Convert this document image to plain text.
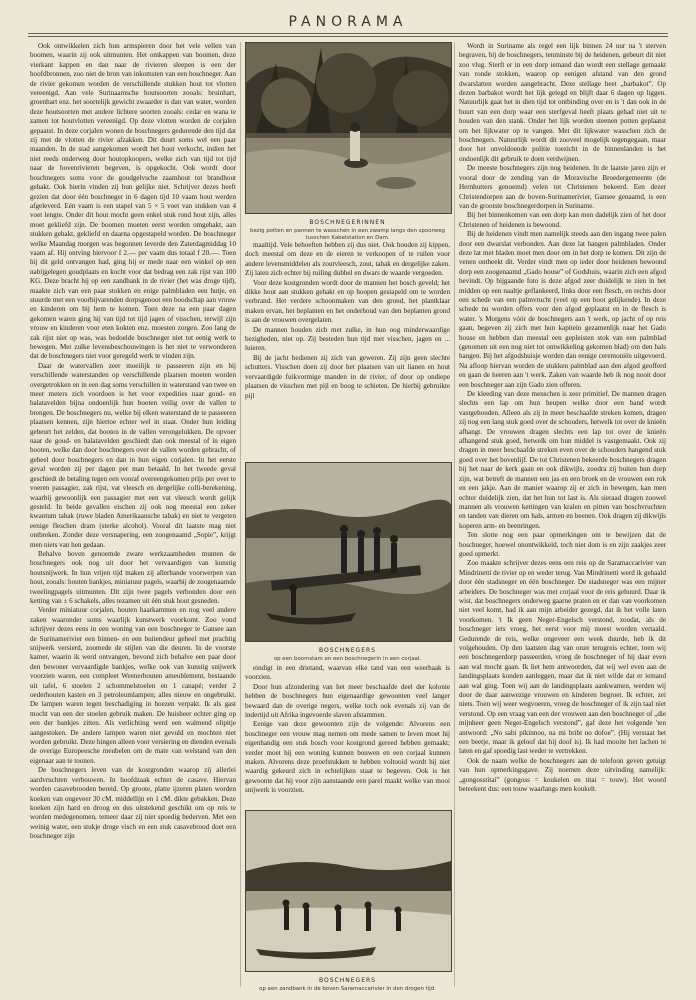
PANORAMA

Ook ontwikkelen zich hun armspieren door het vele vellen van boomen, waarin zij ook uitmunten. Het omkappen van boomen, deze vierkant kappen en dan naar de rivieren sleepen is een der hoofdbronnen, zoo niet de bron van inkomsten van een boschneger. Aan de rivier gekomen worden de verschillende stukken hout tot vlotten vereenigd. Aan vele Surinaamsche houtsoorten zooals: bruinhart, groenhart enz. het soortelijk gewicht zwaarder is dan van water, worden deze houtsoorten met andere lichtere soorten zooals: cedar en wana te zamen tot houtvlotten vereenigd. Op deze vlotten worden de corjalen gepaatst. In deze corjalen wonen de boschnegers gedurende den tijd dat zij met de vlotten de rivier afzakken. Dit duurt soms wel een paar maanden. In de stad aangekomen wordt het hout verkocht, indien het niet reeds onderweg door houtopkoopers, welke zich van tijd tot tijd naar de bovenrivieren begeven, is opgekocht. Ook wordt door boschnegers soms voor de goudgelvsche zaamhout tot brandhout gehakt. Ook hierin vinden zij hun gelijke niet. Schrijver dezes heeft gezien dat door één boschneger in 6 dagen tijd 10 vaam hout werden afgeleverd. Eén vaam is een stapel van 5 × 5 voet van stukken van 4 voet lengte. Onder dit hout mocht geen enkel stuk rond hout zijn, alles moet gekliefd zijn. De boomen moeten eerst worden omgehakt, aan stukken gehakt, gekliefd en daarna opgestapeld worden. De boschneger welke Maandag morgen was begonnen leverde den Zaterdagmiddag 10 vaam af. Hij ontving hiervoor f 2.— per vaam dus totaal f 20.—. Toen hij dit geld ontvangen had, ging hij er mede naar een winkel op een nabijgelegen goudplaats en kocht voor dat bedrag een zak rijst van 100 KG. Deze bracht hij op een zandbank in de rivier (het was droge tijd), maakte zich van een paar stokken en enige palmbladen een hutje, en stuurde met een voorbijvarenden dorpsgenoot een boodschap aan vrouw en kinderen om bij hem te komen. Toen deze na een paar dagen gekomen waren ging hij van tijd tot tijd jagen of visschen, terwijl zijn vrouw en kinderen voor eten kokten enz. moesten zorgen. Zoo lang de zak rijst niet op was, was bedoelde boschneger niet tot eenig werk te bewegen. Met zulke levensbeschouwingen is het niet te verwonderen dat de boschnegers niet voor geregeld werk te vinden zijn.

Daar de watervallen zeer moeilijk te passeeren zijn en bij verschillende waterstanden op verschillende plaatsen moeten worden overgetrokken en in een dag soms verschillen in waterstand van twee en meer meters zich voordoen is het voor expedities naar goud- en balatavelden bijna ondoenlijk hun booten veilig over de vallen te brengen. De boschnegers nu, welke bij elken waterstand de te passeeren plaatsen kennen, zijn hiertoe echter wel in staat. Onder hun leiding gebeurt het zelden, dat booten in de vallen verongelukken. De opvoer naar de goud- en balatavelden geschiedt dan ook meestal of in eigen booten, welke dan door boschnegers over de vallen worden gebracht, of geheel door boschnegers en dan in hun eigen corjalen. In het eerste geval worden zij per dagen per man betaald. In het tweede geval geschiedt de betaling tegen een vooraf overeengekomen prijs per over te voeren passagier, zak rijst, vat vleesch en dergelijke colli-berekening, waarbij gewoonlijk een passagier met een vat vleesch wordt gelijk gesteld. In beide gevallen eischen zij ook nog meestal een zeker kwantum tabak (ruwe bladen Amerikaansche tabak) en niet te vergeten eenige fleschen dram (sterke alcohol). Vooral dit laatste mag niet ontbreken. Zonder deze versnapering, een zoogenaamd „Sopie”, krijgt men niets van hen gedaan.

Behalve boven genoemde zware werkzaamheden munten de boschnegers ook nog uit door het vervaardigen van kunstig houtsnijwerk. In hun vrijen tijd maken zij allerhande voorwerpen van hout, zooals: houten bankjes, miniatuur pagels, waarbij de zoogenaamde tweelingpagels uitmunten. Dit zijn twee pagels verbonden door een ketting van ± 6 schakels, alles tezamen uit één stuk hout gesneden.

Verder miniatuur corjalen, houten haarkammen en nog veel andere zaken waaronder soms waarlijk kunstwerk voorkomt. Zoo vond schrijver dezes eens in een woning van een boschneger te Gansee aan de Surinamerivier een binnen- en een buitendeur geheel met prachtig snijwerk versierd, zoomede de stijlen van die deuren. In de voorste kamer, waarin ik werd ontvangen, bevond zich behalve een paar door den bewoner vervaardigde bankjes, welke ook van kunstig snijwerk voorzien waren, een compleet Weenerhouten ameublement, bestaande uit tafel, 6 stoelen 2 schommelstoelen en 1 canapé; verder 2 oederhouten kasten en 3 petroleumlampen; alles nieuw en ongebruikt. De lampen waren tegen beschadiging in hoezen verpakt. Ik als gast mocht van een der stoelen gebruik maken. De huisheer echter ging op een der bankjes zitten. Als verlichting werd een walmend olipitje aangestoken. De andere lampen waren niet gevuld en mochten niet worden gebruikt. Deze hingen alleen voor versiering en dienden evenals de overige Europeesche meubelen om de mate van welstand van den eigenaar aan te toonen.

De boschnegers leven van de kostgronden waarop zij allerlei aardvruchten verbouwen. In hoofdzaak echter de casave. Hiervan worden casavebrooden bereid. Op groote, platte ijzeren platen worden koeken van ongeveer 30 cM. middellijn en 1 cM. dikte gebakken. Deze koeken zijn hard en droog en dus uitstekend geschikt om op reis te worden medegenomen, temeer daar zij niet spoedig bederven. Met een weinig water, een stukje droge visch en een stuk casavebrood doet een boschneger zijn

BOSCHNEGERINNEN
bezig potten en pannen te wasschen in een zwamp langs den spoorweg tusschen Kabelstation en Dam.

maaltijd. Vele behoeften hebben zij dus niet. Ook houden zij kippen, doch meestal om deze en de eieren te verkoopen of te ruilen voor andere levensmiddelen als zoutvleesch, zout, tabak en dergelijke zaken. Zij laten zich echter bij ruiling dubbel en dwars de waarde vergoeden.

Voor deze kostgronden wordt door de mannen het bosch geveld; het dikke hout aan stukken gehakt en op hoopen gestapeld om te worden verbrand. Het verdere schoonmaken van den grond, het plantklaar maken ervan, het beplanten en het onderhoud van den beplanten grond is aan de vrouwen overgelaten.

De mannen houden zich met zulke, in hun oog minderwaardige bezigheden, niet op. Zij besteden hun tijd met visschen, jagen en ... luieren.

Bij de jacht bedienen zij zich van geweren. Zij zijn geen slechte schutters. Visschen doen zij door het plaatsen van uit lianen en hout vervaardigde fuikvormige manden in de rivier, of door op ondiepe plaatsen de visschen met pijl en boog te schieten. De hierbij gebruikte pijl

BOSCHNEGERS
op een boomstam en een boschnegerin in een corjaal.

eindigt in een drietand, waarvan elke tand van een weerhaak is voorzien.

Door hun afzondering van het meer beschaafde deel der kolonie hebben de boschnegers hun eigenaardige gewoonten veel langer bewaard dan de overige negers, welke toch ook evenals zij van de indertijd uit Afrika ingevoerde slaven afstammen.

Eenige van deze gewoonten zijn de volgende: Alvorens een boschneger een vrouw mag nemen om mede samen te leven moet hij eigenhandig een stuk bosch voor kostgrond gereed hebben gemaakt; verder moet hij een woning kunnen bouwen en een corjaal kunnen maken. Alvorens deze proefstukken te hebben voltooid wordt hij niet waardig gekeurd zich in echtelijken staat te begeven. Ook is het gewoonte dat hij voor zijn aanstaande een parel maakt welke van mooi snijwerk is voorzien.

BOSCHNEGERS
op een zandbank in de boven Saramaccarivier in den drogen tijd.

Wordt in Suriname als regel een lijk binnen 24 uur na 't sterven begraven, bij de boschnegers, tenminste bij de heidenen, gebeurt dit niet zoo vlug. Sterft er in een dorp iemand dan wordt een stellage gemaakt van ronde stokken, waarop op eenigen afstand van den grond dwarslatten worden aangebracht. Deze stellage heet „barbakot”. Op dezen barbakot wordt het lijk gelegd en blijft daar 6 dagen op liggen. Natuurlijk gaat het in dien tijd tot ontbinding over en is 't dan ook in de buurt van een dorp waar een sterfgeval heeft plaats gehad niet uit te houden van den stank. Onder het lijk worden steenen potten geplaatst om het lijkwater op te vangen. Met dit lijkwater wasschen zich de boschnegers. Natuurlijk wordt dit zooveel mogelijk tegengegaan, maar door het onvoldoende politie toezicht in de binnenlanden is het ondoenlijk dit gebruik te doen verdwijnen.

De meeste boschnegers zijn nog heidenen. In de laatste jaren zijn er vooral door de zending van de Moravische Broedergemeente (de Hernhutters genoemd) velen tot Christenen bekeerd. Een dezer Christendorpen aan de boven-Surinamerivier, Gansee genaamd, is een van de grootste boschnegerdorpen in Suriname.

Bij het binnenkomen van een dorp kan men dadelijk zien of het door Christenen of heidenen is bewoond.

Bij de heidenen vindt men namelijk steeds aan den ingang twee palen door een dwarslat verbonden. Aan deze lat hangen palmbladen. Onder deze lat met bladen moet men door om in het dorp te komen. Dit zijn de venen ontheekt dit. Verder vindt men op ieder door heidenen bewoond dorp een zoogenaamd „Gado house” of Godshuis, waarin zich een afgod bevindt. Op bijgaande foto is deze afgod zeer duidelijk te zien in het midden op een naaltje geflankeerd, links door een flesch, en rechts door een schede van een palmvrucht (veel op een boot gelijkende). In deze schede nu worden offers voor den afgod geplaatst en in de flesch is water. 's Morgens vóór de boschnegers aan 't werk, op jacht of op reis gaan, begeven zij zich met hun kapitein gezamenlijk naar het Gado house en hebben dan meestal een gepleisten stok van een palmblad (genomen uit een nog niet tot ontwikkeling gekomen blad) om den hals hangen. Bij het afgodshuisje worden dan eenige ceremoniën uitgevoerd. Na afloop hiervan worden de stukken palmblad aan den afgod geofferd en gaan de heeren aan 't werk. Zaken van waarde heb ik nog nooit door een boschneger aan zijn Gado zien offeren.

De kleeding van deze menschen is zeer primitief. De mannen dragen slechts een lap om hun heupen welke door een band wordt vastgehouden. Alleen als zij in meer beschaafde streken komen, dragen zij nog een lang stuk goed over de schouders, hetwelk tot over de knieën afhangt. De vrouwen dragen slechts een lap tot over de knieën afhangend stuk goed, hetwelk om hun middel is vastgemaakt. Ook zij dragen in meer beschaafde streken even over de schouders hangend stuk goed over het bovenlijf. De tot Christenen bekeerde boschnegers dragen bij het naar de kerk gaan en ook dikwijls, zoodra zij buiten hun dorp zijn, wat betreft de mannen een jas en een broek en de vrouwen een rok en een jakje. Aan de manier waarop zij er zich in bewegen, kan men echter duidelijk zien, dat het hun tot last is. Als sieraad dragen zoowel mannen als vrouwen kettingen van kralen en pitten van boschvruchten en tanden van dieren om hals, armen en beenen. Ook dragen zij dikwijls koperen arm- en beenringen.

Ten slotte nog een paar opmerkingen om te bewijzen dat de boschneger, hoewel onontwikkeld, toch niet dom is en zijn zaakjes zeer goed opmerkt.

Zoo maakte schrijver dezes eens een reis op de Saramaccarivier van Mindrinetti de rivier op en weder terug. Van Mindrinetti werd ik gehaald door één stadsneger en één boschneger. De stadsneger was een mijner arbeiders. De boschneger was met corjaal voor de reis gehuurd. Daar ik wist, dat boschnegers onderweg gaarne praten en er dan van voorkomen niet veel komt, had ik aan mijn arbeider gezegd, dat ik het volle laten voorkomen. 't Ik geen Neger-Engelsch verstond, zoodat, als de boschneger iets vroeg, het eerst voor mij moest worden vertaald. Gedurende de reis, welke ongeveer een week duurde, heb ik dit volgehouden. Op den laatsten dag van onze terugreis echter, toen wij een boschnegerdorp passeerden, vroeg de boschneger of hij daar even aan wal mocht gaan. Ik liet hem antwoorden, dat wij wel even aan de landingsplaats konden aanleggen, maar dat ik niet wilde dat er iemand aan wal ging. Toen wij aan de landingsplaats aankwamen, werden wij door de daar aanwezige vrouwen en kinderen begroet. Ik echter, zei niets. Toen wij weer wegvoeren, vroeg de boschneger of ik zijn taal niet verstond. Op een vraag van een der vrouwen aan den boschneger of „die mijnheer geen Neger-Engelsch verstond”, gaf deze het volgende 'ten antwoord: „No sabi pikinnoo, na mi bribi no dofoe”. (Hij verstaat het een beetje, maar ik geloof dat hij doof is). Ik had mooite het lachen te laten en gaf spoedig last weder te vertrekken.

Ook de naam welke de boschnegers aan de telefoon geven getuigt van hun opmerkingsgave. Zij noemen deze uitvinding namelijk: „gongosstitai” (gongoss = koukelen en titai = touw). Het woord beteekent dus: een touw waarlangs men koukelt.
